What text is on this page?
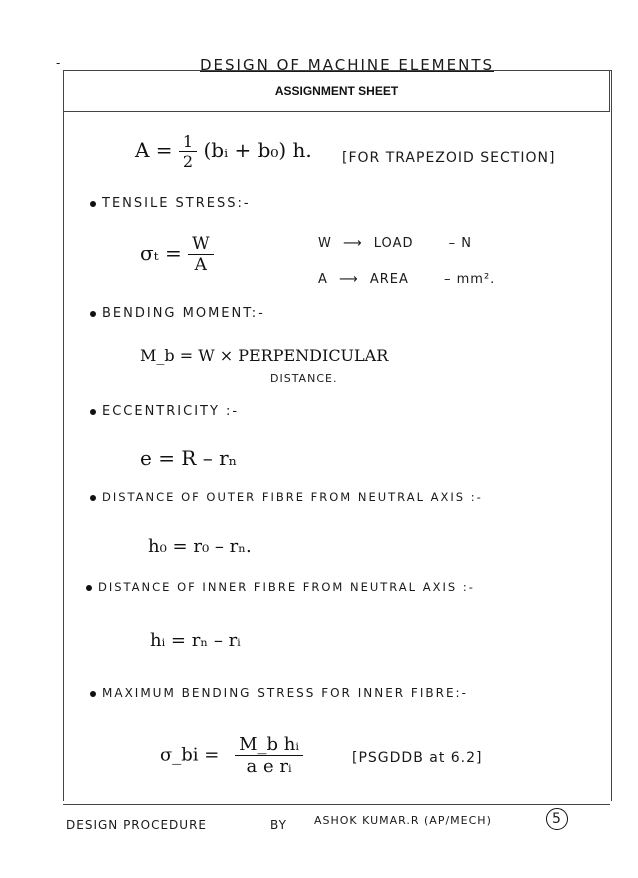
-	DESIGN OF MACHINE ELEMENTS
ASSIGNMENT SHEET
$A = \frac{1}{2}$ (bᵢ + b₀) h. [FOR TRAPEZOID SECTION]
TENSILE STRESS:-
$\sigma_t = \frac{W}{A}$	W ⟶ LOAD	– N
A ⟶ AREA	– mm².
BENDING MOMENT:-
M_b = W × PERPENDICULAR
DISTANCE.
ECCENTRICITY :-
e = R – rₙ
DISTANCE OF OUTER FIBRE FROM NEUTRAL AXIS :-
h₀ = r₀ – rₙ.
DISTANCE OF INNER FIBRE FROM NEUTRAL AXIS :-
hᵢ = rₙ – rᵢ
MAXIMUM BENDING STRESS FOR INNER FIBRE:-
σ_bi = $\frac{\text{M\_b hᵢ}}{\text{a e rᵢ}}$	[PSGDDB at 6.2]
DESIGN PROCEDURE	BY ASHOK KUMAR.R (AP/MECH)	5
